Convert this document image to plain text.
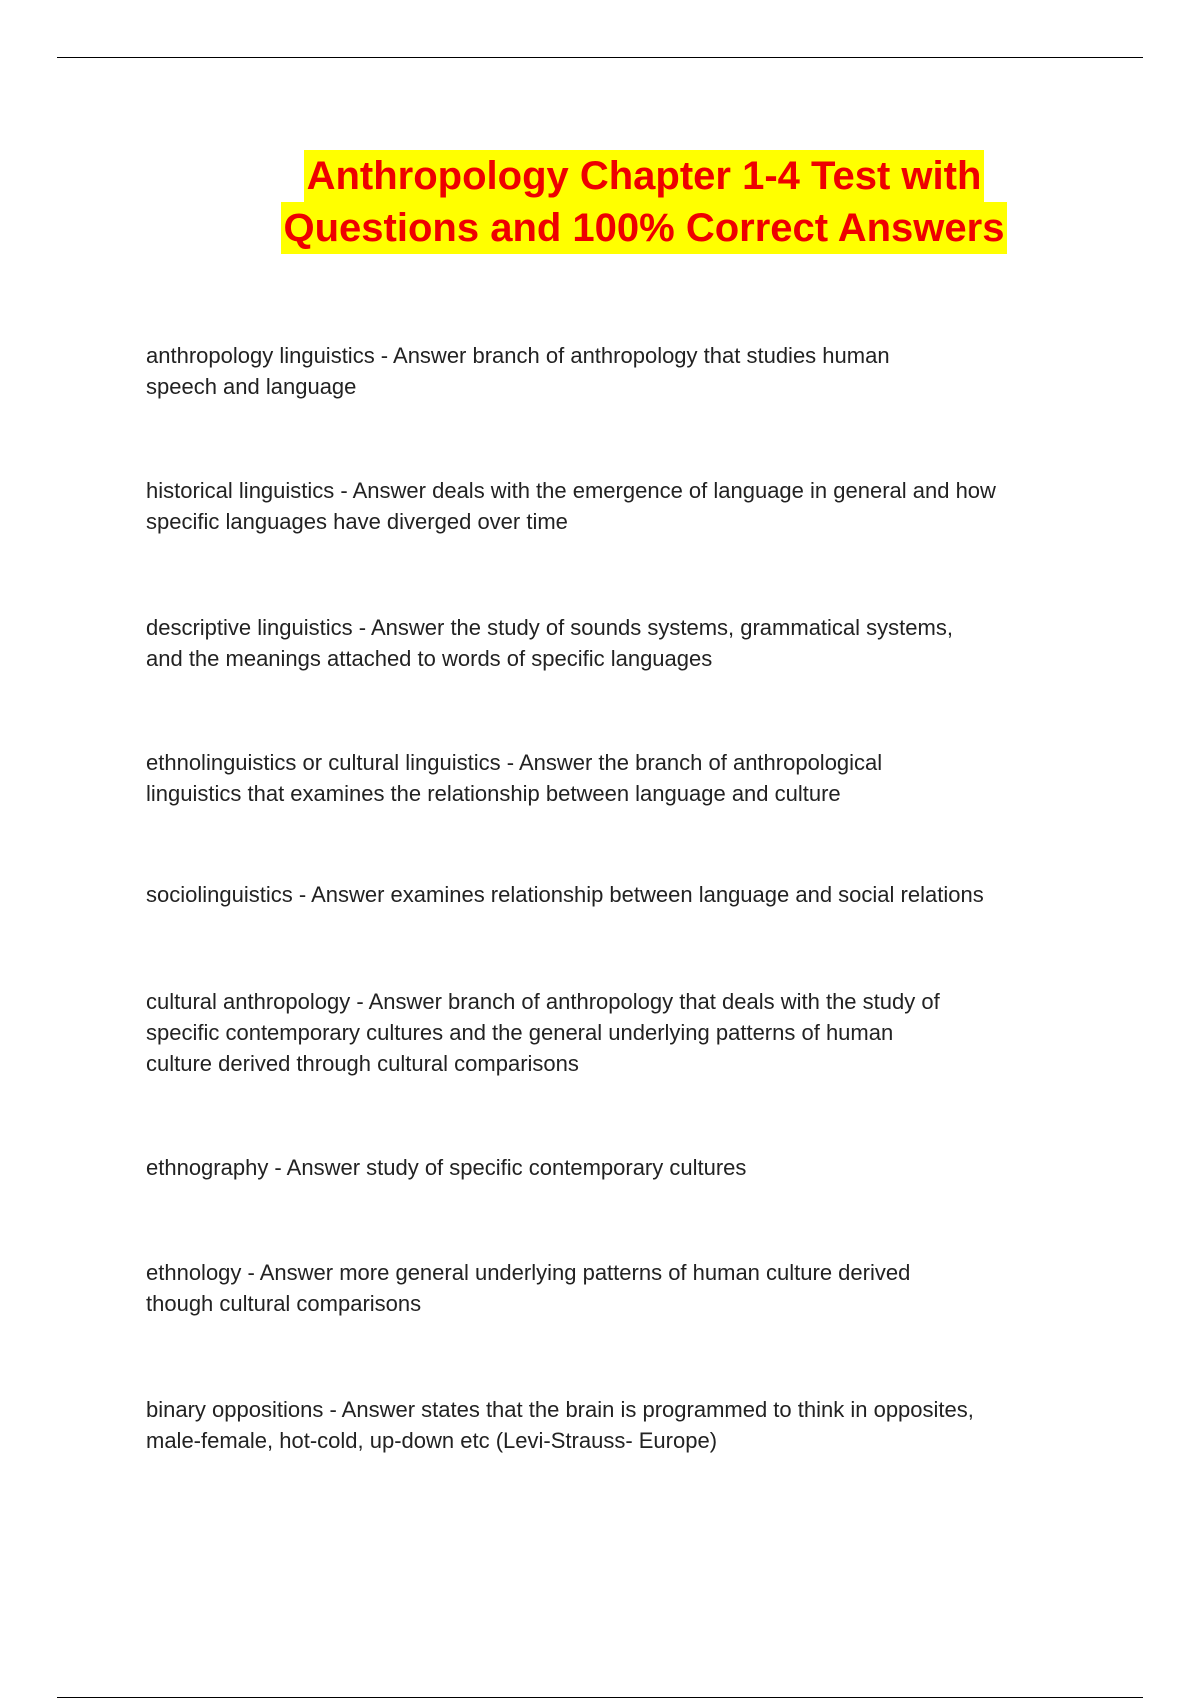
Anthropology Chapter 1-4 Test with
Questions and 100% Correct Answers

anthropology linguistics - Answer branch of anthropology that studies human
speech and language

historical linguistics - Answer deals with the emergence of language in general and how
specific languages have diverged over time

descriptive linguistics - Answer the study of sounds systems, grammatical systems,
and the meanings attached to words of specific languages

ethnolinguistics or cultural linguistics - Answer the branch of anthropological
linguistics that examines the relationship between language and culture

sociolinguistics - Answer examines relationship between language and social relations

cultural anthropology - Answer branch of anthropology that deals with the study of
specific contemporary cultures and the general underlying patterns of human
culture derived through cultural comparisons

ethnography - Answer study of specific contemporary cultures

ethnology - Answer more general underlying patterns of human culture derived
though cultural comparisons

binary oppositions - Answer states that the brain is programmed to think in opposites,
male-female, hot-cold, up-down etc (Levi-Strauss- Europe)
